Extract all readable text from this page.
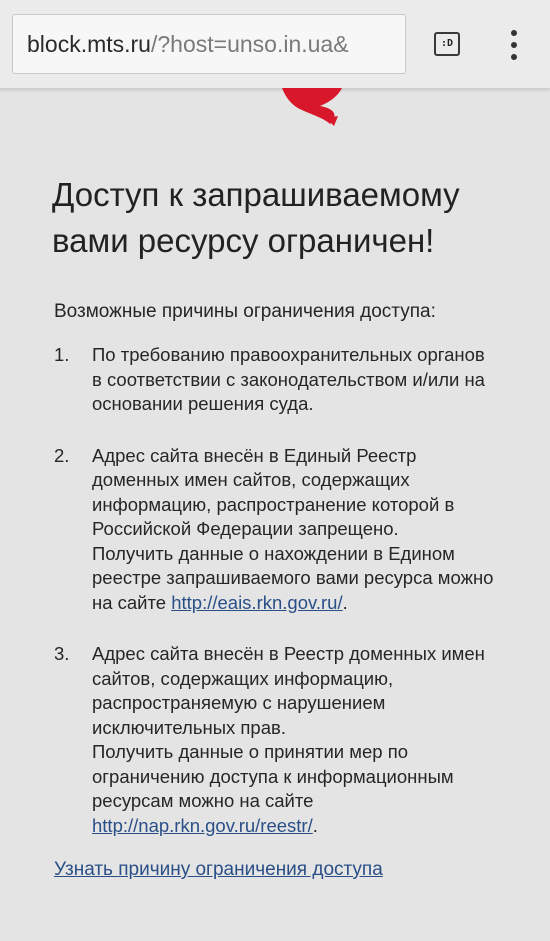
block.mts.ru/?host=unso.in.ua&	:D
Доступ к запрашиваемому
вами ресурсу ограничен!
Возможные причины ограничения доступа:
1. По требованию правоохранительных органов
в соответствии с законодательством и/или на
основании решения суда.
2. Адрес сайта внесён в Единый Реестр
доменных имен сайтов, содержащих
информацию, распространение которой в
Российской Федерации запрещено.
Получить данные о нахождении в Едином
реестре запрашиваемого вами ресурса можно
на сайте http://eais.rkn.gov.ru/.
3. Адрес сайта внесён в Реестр доменных имен
сайтов, содержащих информацию,
распространяемую с нарушением
исключительных прав.
Получить данные о принятии мер по
ограничению доступа к информационным
ресурсам можно на сайте
http://nap.rkn.gov.ru/reestr/.
Узнать причину ограничения доступа
